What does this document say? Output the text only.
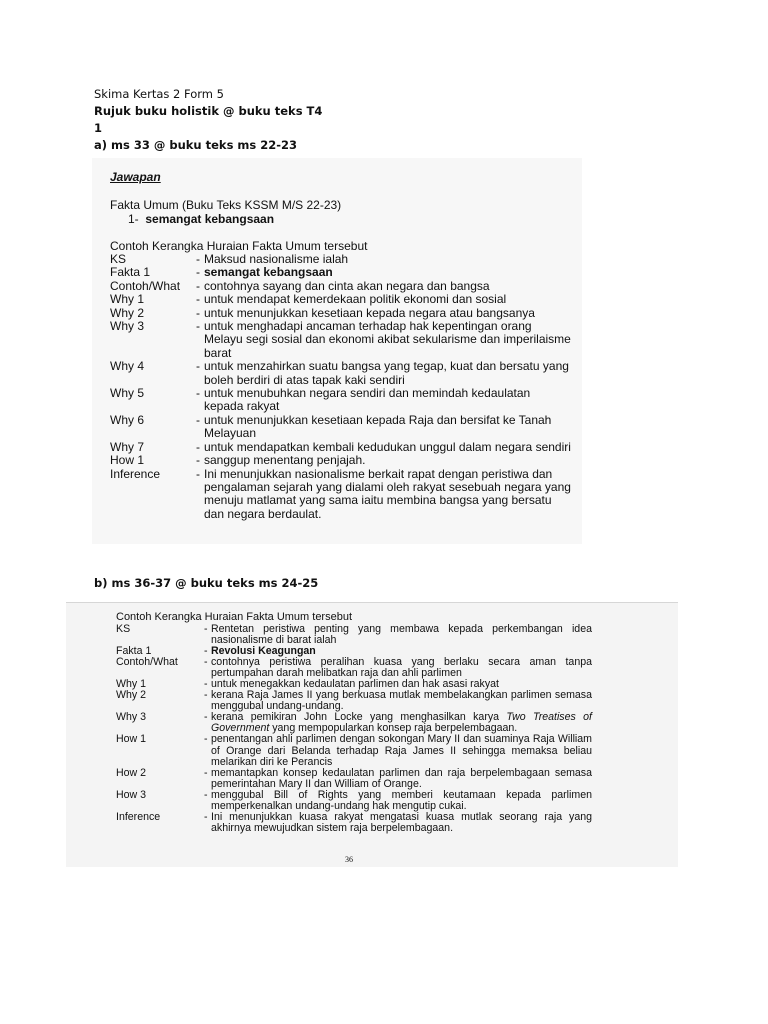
Skima Kertas 2 Form 5
Rujuk buku holistik @ buku teks T4
1
a) ms 33 @ buku teks ms 22-23
Jawapan
Fakta Umum (Buku Teks KSSM M/S 22-23)
1- semangat kebangsaan
Contoh Kerangka Huraian Fakta Umum tersebut
KS	- Maksud nasionalisme ialah
Fakta 1	- semangat kebangsaan
Contoh/What	- contohnya sayang dan cinta akan negara dan bangsa
Why 1	- untuk mendapat kemerdekaan politik ekonomi dan sosial
Why 2	- untuk menunjukkan kesetiaan kepada negara atau bangsanya
Why 3	- untuk menghadapi ancaman terhadap hak kepentingan orang Melayu segi sosial dan ekonomi akibat sekularisme dan imperilaisme barat
Why 4	- untuk menzahirkan suatu bangsa yang tegap, kuat dan bersatu yang boleh berdiri di atas tapak kaki sendiri
Why 5	- untuk menubuhkan negara sendiri dan memindah kedaulatan kepada rakyat
Why 6	- untuk menunjukkan kesetiaan kepada Raja dan bersifat ke Tanah Melayuan
Why 7	- untuk mendapatkan kembali kedudukan unggul dalam negara sendiri
How 1	- sanggup menentang penjajah.
Inference	- Ini menunjukkan nasionalisme berkait rapat dengan peristiwa dan pengalaman sejarah yang dialami oleh rakyat sesebuah negara yang menuju matlamat yang sama iaitu membina bangsa yang bersatu dan negara berdaulat.
b) ms 36-37 @ buku teks ms 24-25
Contoh Kerangka Huraian Fakta Umum tersebut
KS	- Rentetan peristiwa penting yang membawa kepada perkembangan idea nasionalisme di barat ialah
Fakta 1	- Revolusi Keagungan
Contoh/What	- contohnya peristiwa peralihan kuasa yang berlaku secara aman tanpa pertumpahan darah melibatkan raja dan ahli parlimen
Why 1	- untuk menegakkan kedaulatan parlimen dan hak asasi rakyat
Why 2	- kerana Raja James II yang berkuasa mutlak membelakangkan parlimen semasa menggubal undang-undang.
Why 3	- kerana pemikiran John Locke yang menghasilkan karya Two Treatises of Government yang mempopularkan konsep raja berpelembagaan.
How 1	- penentangan ahli parlimen dengan sokongan Mary II dan suaminya Raja William of Orange dari Belanda terhadap Raja James II sehingga memaksa beliau melarikan diri ke Perancis
How 2	- memantapkan konsep kedaulatan parlimen dan raja berpelembagaan semasa pemerintahan Mary II dan William of Orange.
How 3	- menggubal Bill of Rights yang memberi keutamaan kepada parlimen memperkenalkan undang-undang hak mengutip cukai.
Inference	- Ini menunjukkan kuasa rakyat mengatasi kuasa mutlak seorang raja yang akhirnya mewujudkan sistem raja berpelembagaan.
36
